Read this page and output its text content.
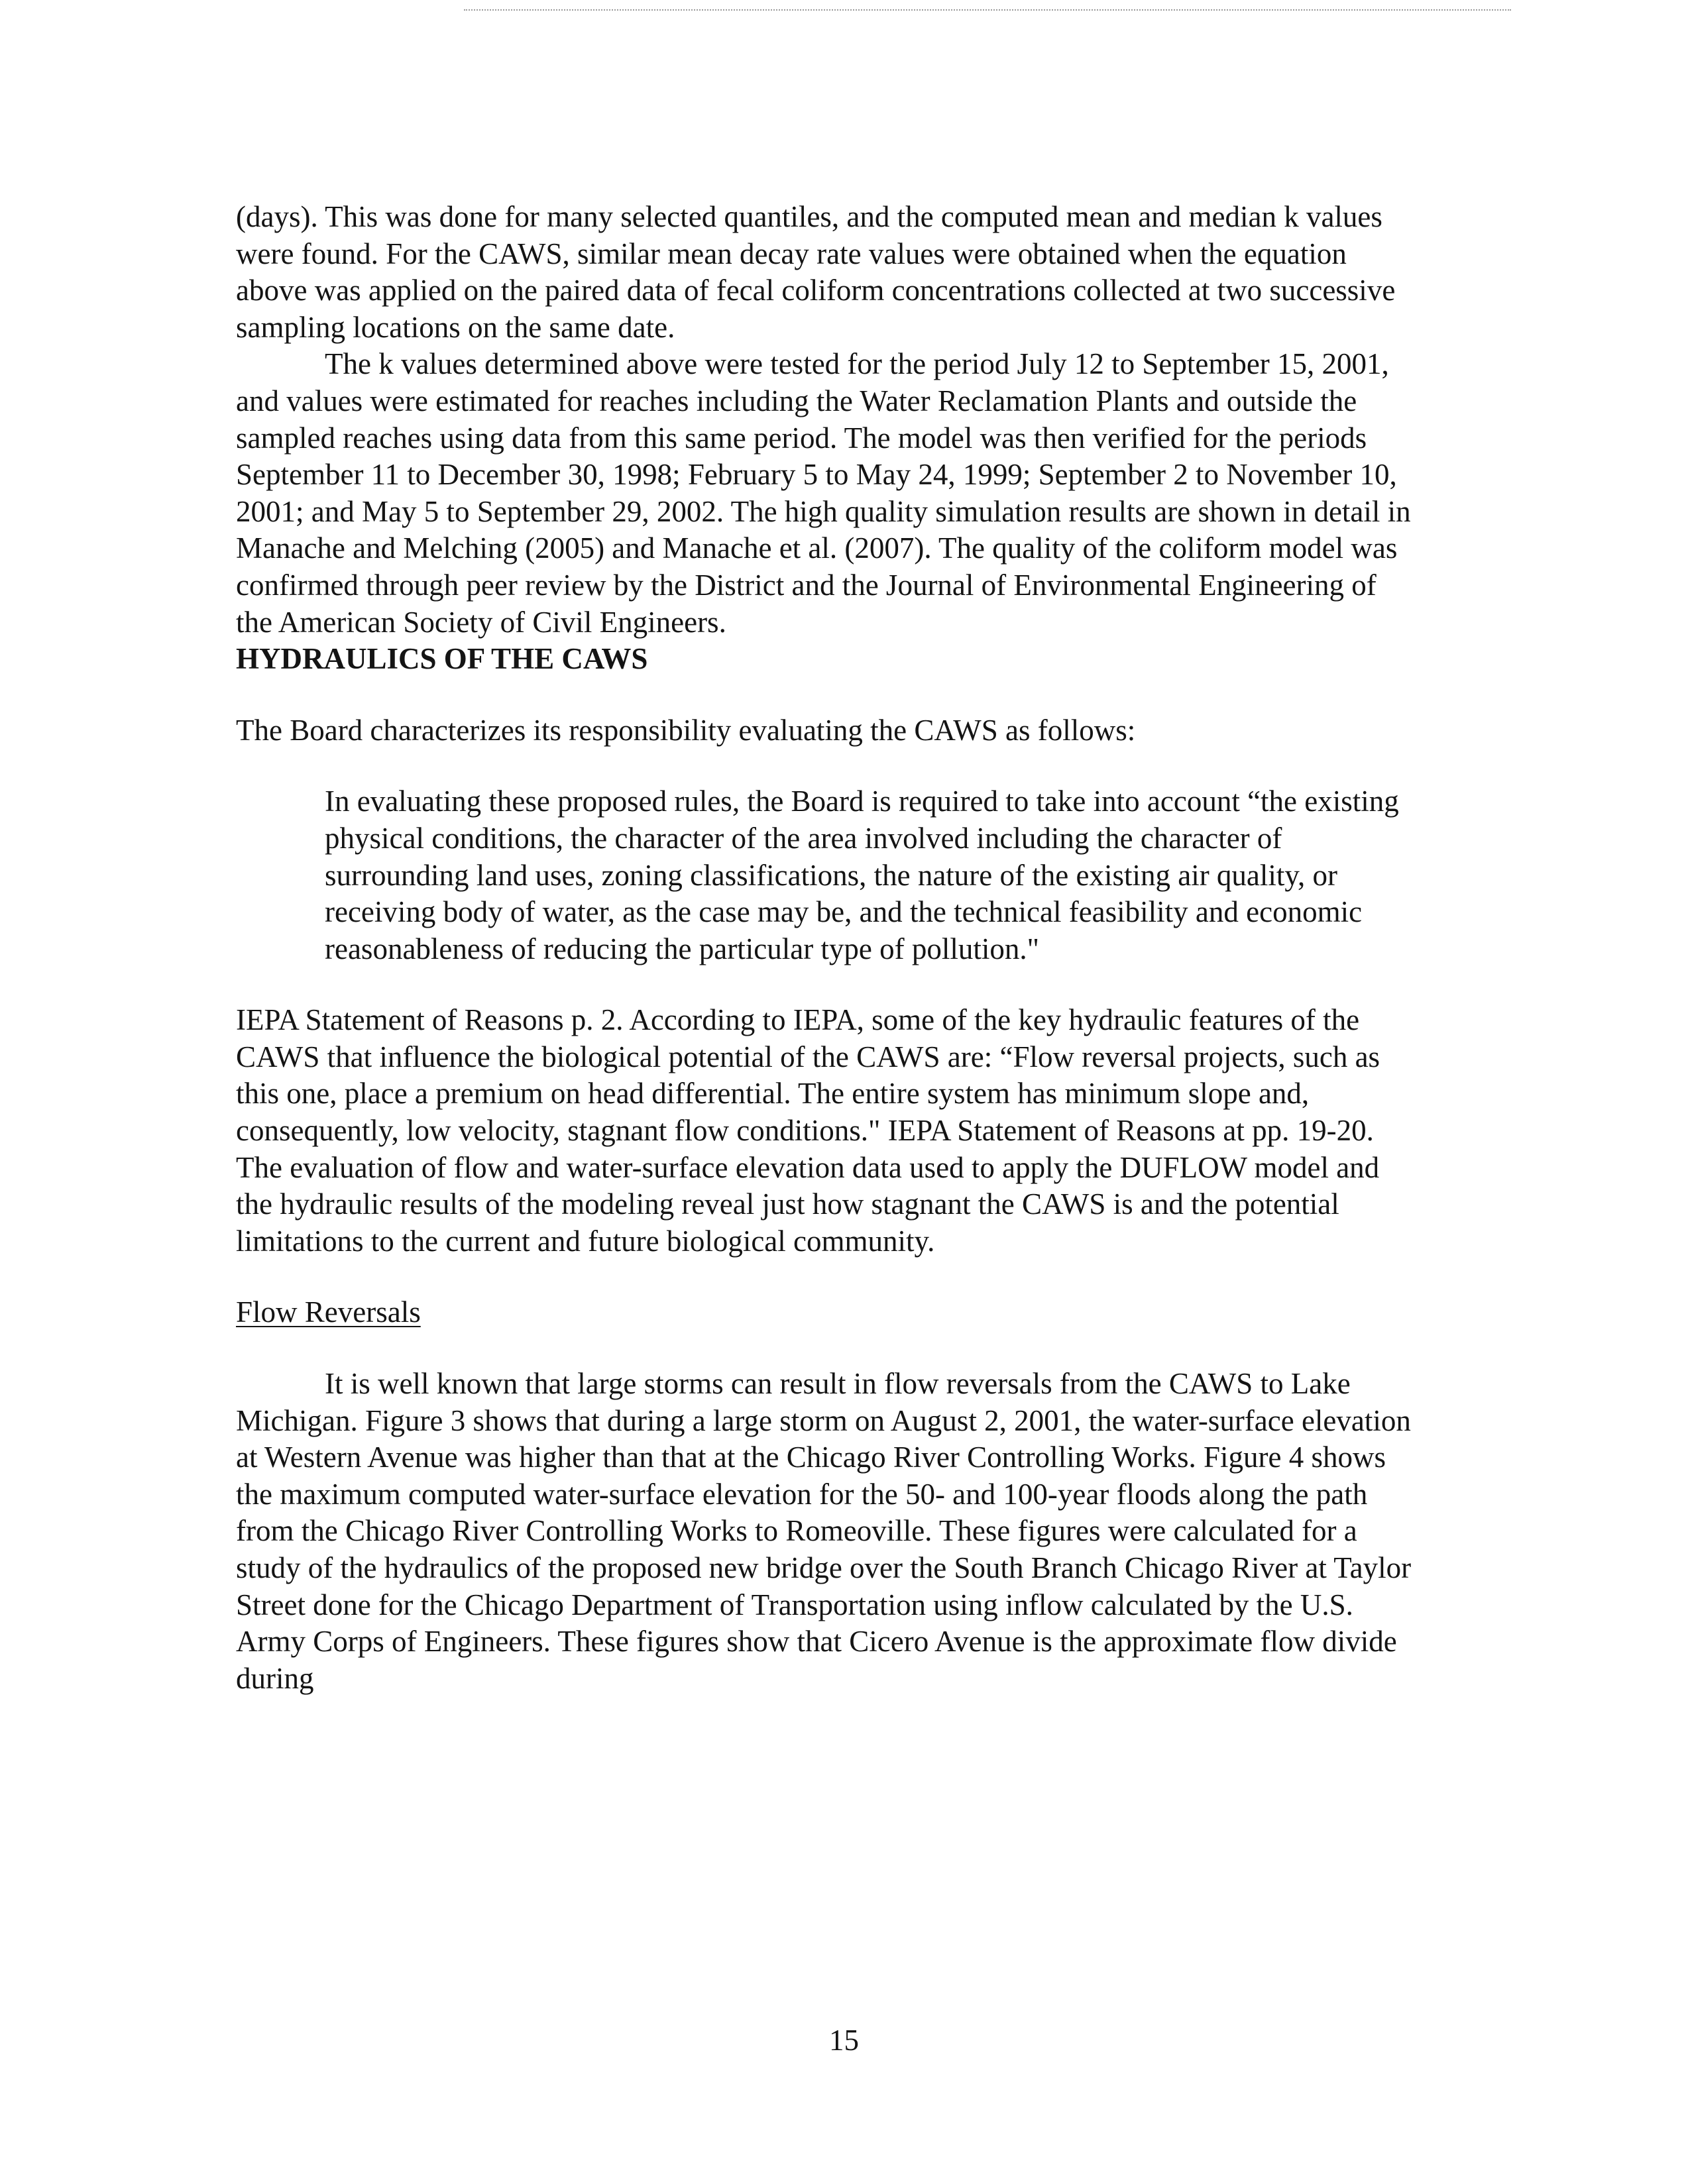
(days). This was done for many selected quantiles, and the computed mean and median k values were found. For the CAWS, similar mean decay rate values were obtained when the equation above was applied on the paired data of fecal coliform concentrations collected at two successive sampling locations on the same date.

The k values determined above were tested for the period July 12 to September 15, 2001, and values were estimated for reaches including the Water Reclamation Plants and outside the sampled reaches using data from this same period. The model was then verified for the periods September 11 to December 30, 1998; February 5 to May 24, 1999; September 2 to November 10, 2001; and May 5 to September 29, 2002. The high quality simulation results are shown in detail in Manache and Melching (2005) and Manache et al. (2007). The quality of the coliform model was confirmed through peer review by the District and the Journal of Environmental Engineering of the American Society of Civil Engineers.

HYDRAULICS OF THE CAWS

The Board characterizes its responsibility evaluating the CAWS as follows:

In evaluating these proposed rules, the Board is required to take into account “the existing physical conditions, the character of the area involved including the character of surrounding land uses, zoning classifications, the nature of the existing air quality, or receiving body of water, as the case may be, and the technical feasibility and economic reasonableness of reducing the particular type of pollution."

IEPA Statement of Reasons p. 2. According to IEPA, some of the key hydraulic features of the CAWS that influence the biological potential of the CAWS are: “Flow reversal projects, such as this one, place a premium on head differential. The entire system has minimum slope and, consequently, low velocity, stagnant flow conditions." IEPA Statement of Reasons at pp. 19-20. The evaluation of flow and water-surface elevation data used to apply the DUFLOW model and the hydraulic results of the modeling reveal just how stagnant the CAWS is and the potential limitations to the current and future biological community.

Flow Reversals

It is well known that large storms can result in flow reversals from the CAWS to Lake Michigan. Figure 3 shows that during a large storm on August 2, 2001, the water-surface elevation at Western Avenue was higher than that at the Chicago River Controlling Works. Figure 4 shows the maximum computed water-surface elevation for the 50- and 100-year floods along the path from the Chicago River Controlling Works to Romeoville. These figures were calculated for a study of the hydraulics of the proposed new bridge over the South Branch Chicago River at Taylor Street done for the Chicago Department of Transportation using inflow calculated by the U.S. Army Corps of Engineers. These figures show that Cicero Avenue is the approximate flow divide during

15
